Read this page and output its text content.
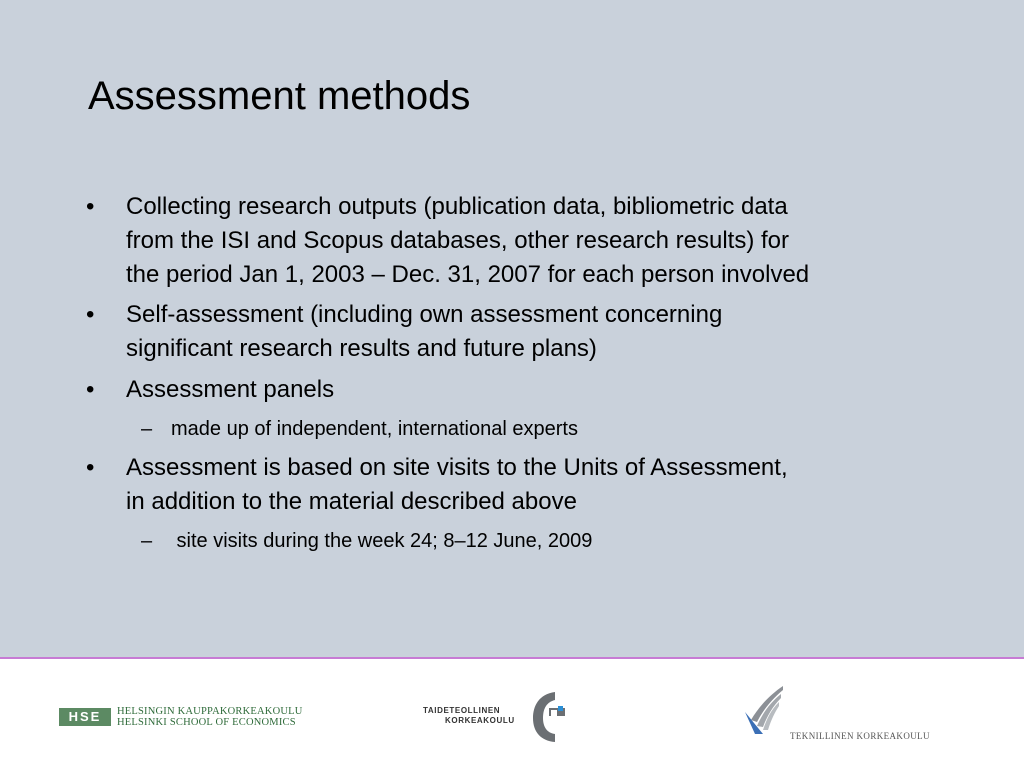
Assessment methods
• Collecting research outputs (publication data, bibliometric data
from the ISI and Scopus databases, other research results) for
the period Jan 1, 2003 – Dec. 31, 2007 for each person involved
• Self-assessment (including own assessment concerning
significant research results and future plans)
• Assessment panels
– made up of independent, international experts
• Assessment is based on site visits to the Units of Assessment,
in addition to the material described above
– site visits during the week 24; 8–12 June, 2009
HSE	HELSINGIN KAUPPAKORKEAKOULU
HELSINKI SCHOOL OF ECONOMICS
TAIDETEOLLINEN
KORKEAKOULU
TEKNILLINEN KORKEAKOULU
